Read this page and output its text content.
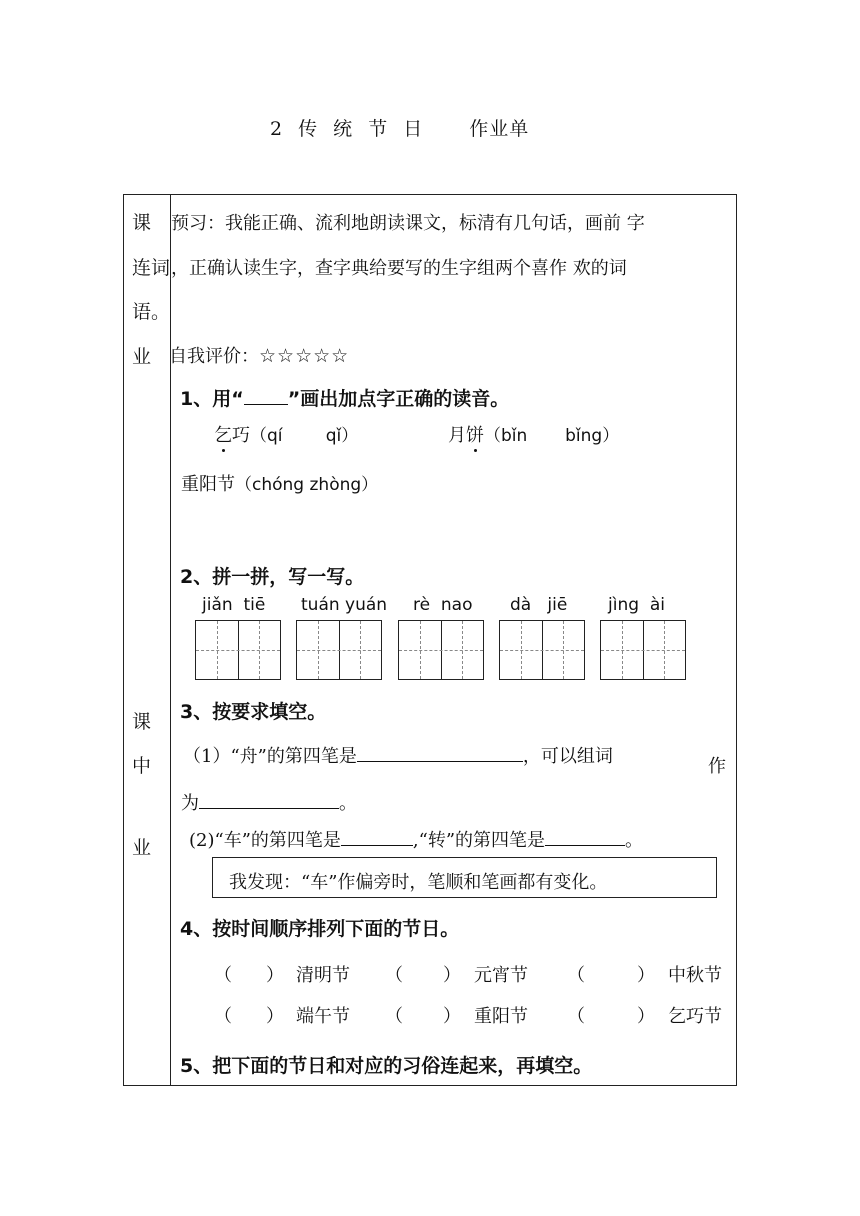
2 传 统 节 日 作业单
课
连词
语。
业
课
中
业
预习：我能正确、流利地朗读课文，标清有几句话，画前 字
，正确认读生字，查字典给要写的生字组两个喜作 欢的词
自我评价：☆☆☆☆☆
1、用“ ”画出加点字正确的读音。
乞巧（qí        qǐ）	月饼（bǐn       bǐng）
重阳节（chóng zhòng）
2、拼一拼，写一写。
jiǎn  tiē tuán yuán rè  nao dà   jiē jìng  ài
3、按要求填空。
（1）“舟”的第四笔是	，可以组词	作
为	。
(2)“车”的第四笔是	,“转”的第四笔是	。
我发现：“车”作偏旁时，笔顺和笔画都有变化。
4、按时间顺序排列下面的节日。
（ ） 清明节 （ ） 元宵节 （	） 中秋节
（ ） 端午节 （ ） 重阳节 （	） 乞巧节
5、把下面的节日和对应的习俗连起来，再填空。
